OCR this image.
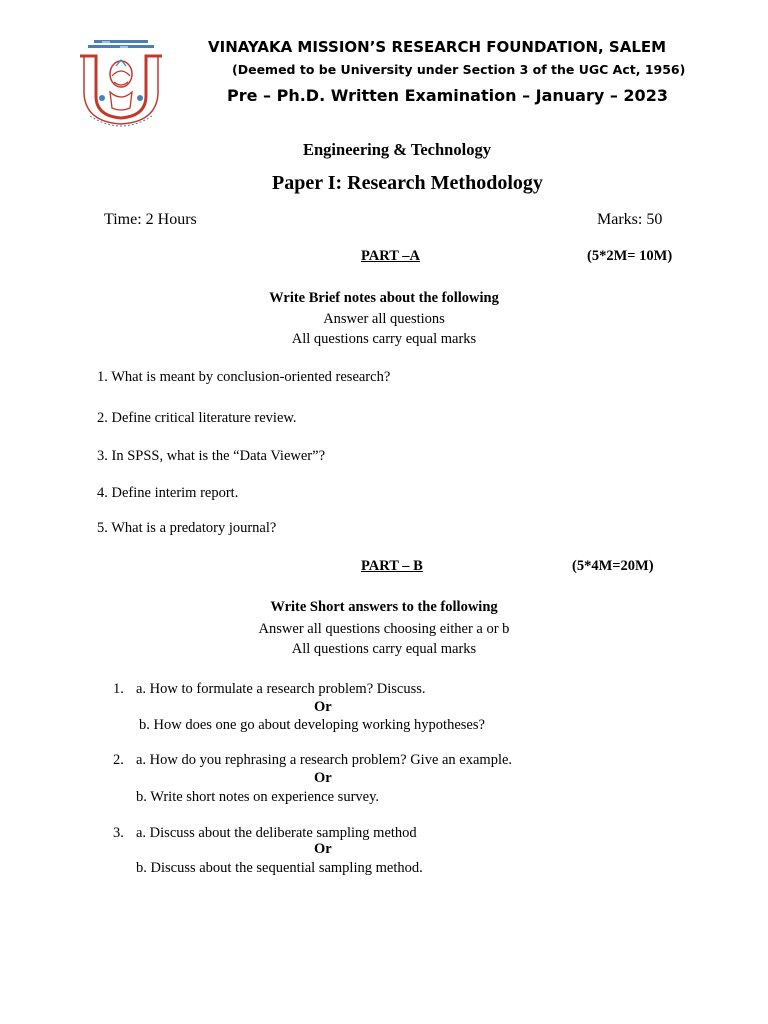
VINAYAKA MISSION’S RESEARCH FOUNDATION, SALEM
(Deemed to be University under Section 3 of the UGC Act, 1956)
Pre – Ph.D. Written Examination – January – 2023
Engineering & Technology
Paper I: Research Methodology
Time: 2 Hours	Marks: 50
PART –A	(5*2M= 10M)
Write Brief notes about the following
Answer all questions
All questions carry equal marks
1. What is meant by conclusion-oriented research?
2. Define critical literature review.
3. In SPSS, what is the “Data Viewer”?
4. Define interim report.
5. What is a predatory journal?
PART – B	(5*4M=20M)
Write Short answers to the following
Answer all questions choosing either a or b
All questions carry equal marks
1. a. How to formulate a research problem? Discuss.
Or
b. How does one go about developing working hypotheses?
2. a. How do you rephrasing a research problem? Give an example.
Or
b. Write short notes on experience survey.
3. a. Discuss about the deliberate sampling method
Or
b. Discuss about the sequential sampling method.
